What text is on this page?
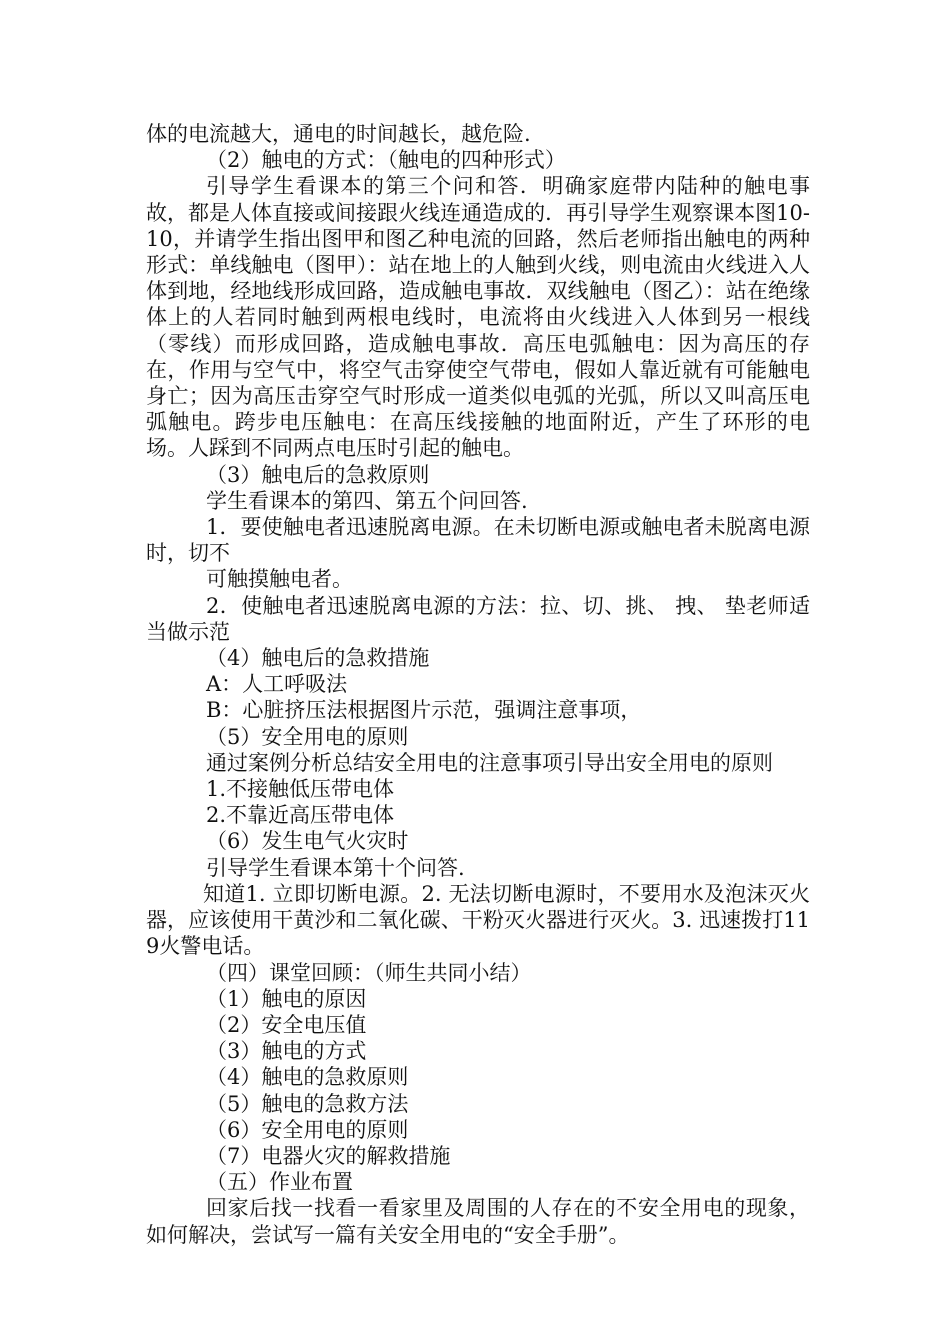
体的电流越大，通电的时间越长，越危险.

（2）触电的方式：（触电的四种形式）

引导学生看课本的第三个问和答．明确家庭带内陆种的触电事故，都是人体直接或间接跟火线连通造成的．再引导学生观察课本图10-10，并请学生指出图甲和图乙种电流的回路，然后老师指出触电的两种形式：单线触电（图甲）：站在地上的人触到火线，则电流由火线进入人体到地，经地线形成回路，造成触电事故．双线触电（图乙）：站在绝缘体上的人若同时触到两根电线时，电流将由火线进入人体到另一根线（零线）而形成回路，造成触电事故．高压电弧触电：因为高压的存在，作用与空气中，将空气击穿使空气带电，假如人靠近就有可能触电身亡；因为高压击穿空气时形成一道类似电弧的光弧，所以又叫高压电弧触电。跨步电压触电：在高压线接触的地面附近，产生了环形的电场。人踩到不同两点电压时引起的触电。

（3）触电后的急救原则
学生看课本的第四、第五个问回答.

1．要使触电者迅速脱离电源。在未切断电源或触电者未脱离电源时，切不

可触摸触电者。

2．使触电者迅速脱离电源的方法：拉、切、挑、 拽、 垫老师适当做示范

（4）触电后的急救措施
A：人工呼吸法
B：心脏挤压法根据图片示范，强调注意事项，
（5）安全用电的原则
通过案例分析总结安全用电的注意事项引导出安全用电的原则
1.不接触低压带电体
2.不靠近高压带电体
（6）发生电气火灾时
引导学生看课本第十个问答.

知道1. 立即切断电源。2. 无法切断电源时，不要用水及泡沫灭火器，应该使用干黄沙和二氧化碳、干粉灭火器进行灭火。3. 迅速拨打119火警电话。

（四）课堂回顾：（师生共同小结）
（1）触电的原因
（2）安全电压值
（3）触电的方式
（4）触电的急救原则
（5）触电的急救方法
（6）安全用电的原则
（7）电器火灾的解救措施
（五）作业布置

回家后找一找看一看家里及周围的人存在的不安全用电的现象，如何解决，尝试写一篇有关安全用电的“安全手册”。
